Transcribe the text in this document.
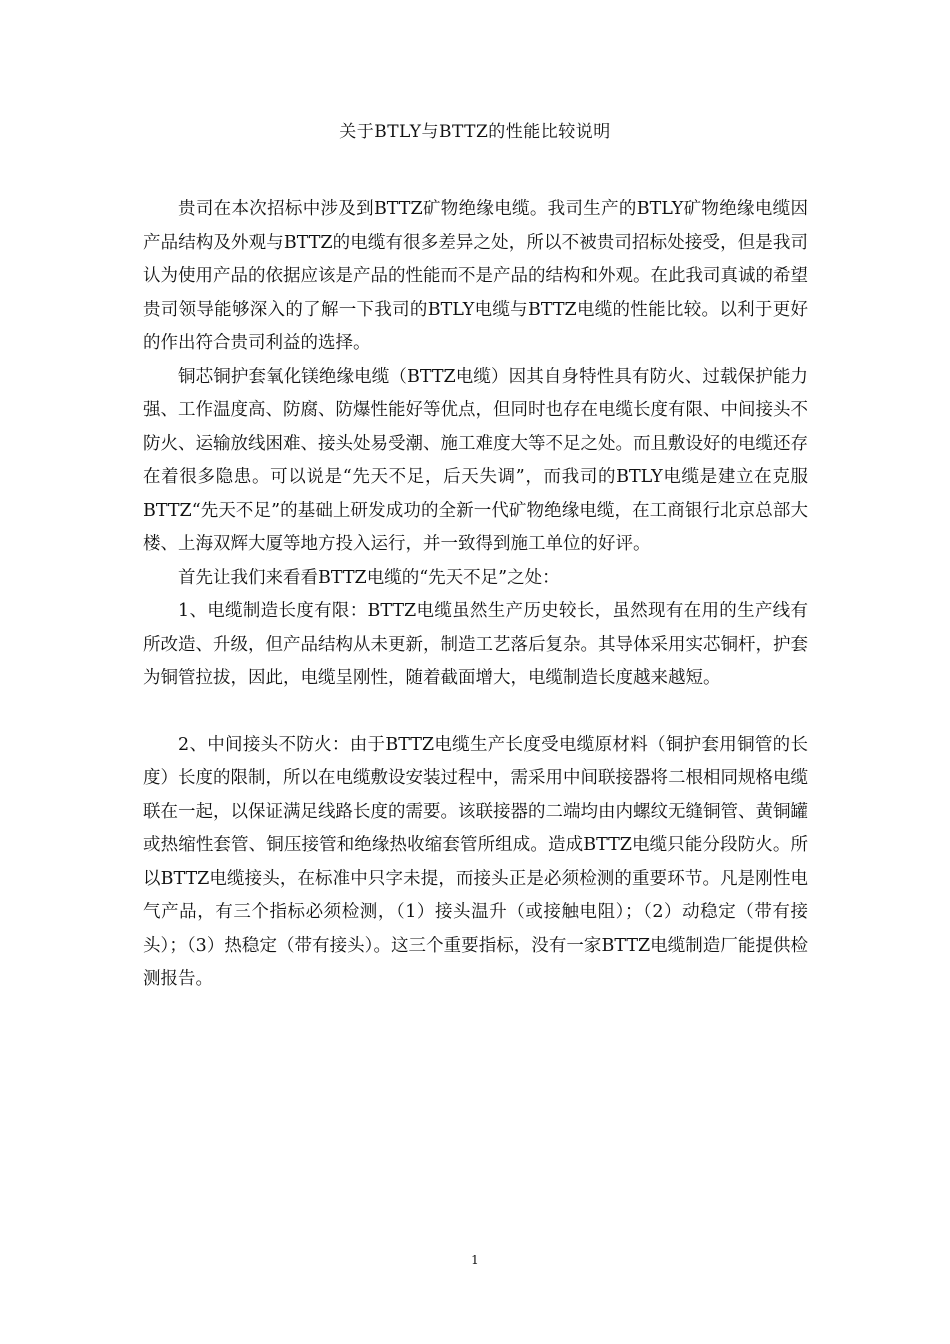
关于BTLY与BTTZ的性能比较说明

贵司在本次招标中涉及到BTTZ矿物绝缘电缆。我司生产的BTLY矿物绝缘电缆因产品结构及外观与BTTZ的电缆有很多差异之处，所以不被贵司招标处接受，但是我司认为使用产品的依据应该是产品的性能而不是产品的结构和外观。在此我司真诚的希望贵司领导能够深入的了解一下我司的BTLY电缆与BTTZ电缆的性能比较。以利于更好的作出符合贵司利益的选择。

铜芯铜护套氧化镁绝缘电缆（BTTZ电缆）因其自身特性具有防火、过载保护能力强、工作温度高、防腐、防爆性能好等优点，但同时也存在电缆长度有限、中间接头不防火、运输放线困难、接头处易受潮、施工难度大等不足之处。而且敷设好的电缆还存在着很多隐患。可以说是“先天不足，后天失调”，而我司的BTLY电缆是建立在克服BTTZ“先天不足”的基础上研发成功的全新一代矿物绝缘电缆，在工商银行北京总部大楼、上海双辉大厦等地方投入运行，并一致得到施工单位的好评。

首先让我们来看看BTTZ电缆的“先天不足”之处：

1、电缆制造长度有限：BTTZ电缆虽然生产历史较长，虽然现有在用的生产线有所改造、升级，但产品结构从未更新，制造工艺落后复杂。其导体采用实芯铜杆，护套为铜管拉拔，因此，电缆呈刚性，随着截面增大，电缆制造长度越来越短。

2、中间接头不防火：由于BTTZ电缆生产长度受电缆原材料（铜护套用铜管的长度）长度的限制，所以在电缆敷设安装过程中，需采用中间联接器将二根相同规格电缆联在一起，以保证满足线路长度的需要。该联接器的二端均由内螺纹无缝铜管、黄铜罐或热缩性套管、铜压接管和绝缘热收缩套管所组成。造成BTTZ电缆只能分段防火。所以BTTZ电缆接头，在标准中只字未提，而接头正是必须检测的重要环节。凡是刚性电气产品，有三个指标必须检测，（1）接头温升（或接触电阻）；（2）动稳定（带有接头）；（3）热稳定（带有接头）。这三个重要指标，没有一家BTTZ电缆制造厂能提供检测报告。

1
